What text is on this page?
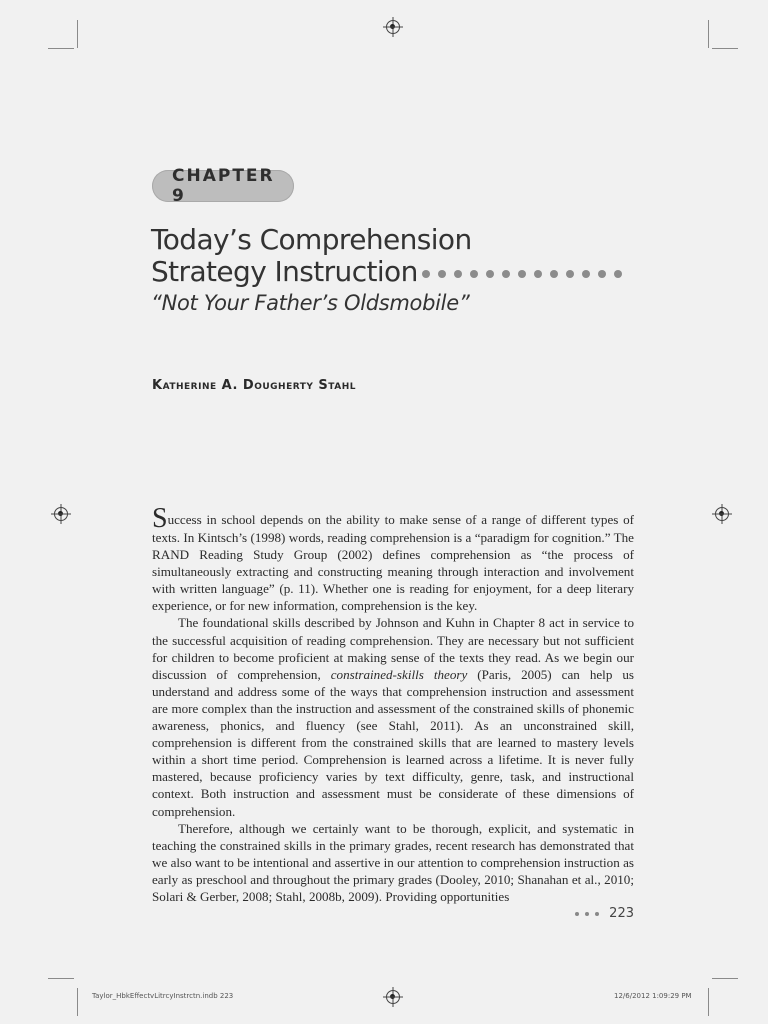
CHAPTER 9
Today’s Comprehension
Strategy Instruction
“Not Your Father’s Oldsmobile”
Katherine A. Dougherty Stahl

Success in school depends on the ability to make sense of a range of different types of texts. In Kintsch’s (1998) words, reading comprehension is a “paradigm for cognition.” The RAND Reading Study Group (2002) defines comprehension as “the process of simultaneously extracting and constructing meaning through interaction and involvement with written language” (p. 11). Whether one is reading for enjoyment, for a deep literary experience, or for new information, comprehension is the key.

The foundational skills described by Johnson and Kuhn in Chapter 8 act in service to the successful acquisition of reading comprehension. They are necessary but not sufficient for children to become proficient at making sense of the texts they read. As we begin our discussion of comprehension, constrained-skills theory (Paris, 2005) can help us understand and address some of the ways that comprehension instruction and assessment are more complex than the instruction and assessment of the constrained skills of phonemic awareness, phonics, and fluency (see Stahl, 2011). As an unconstrained skill, comprehension is different from the constrained skills that are learned to mastery levels within a short time period. Comprehension is learned across a lifetime. It is never fully mastered, because proficiency varies by text difficulty, genre, task, and instructional context. Both instruction and assessment must be considerate of these dimensions of comprehension.

Therefore, although we certainly want to be thorough, explicit, and systematic in teaching the constrained skills in the primary grades, recent research has demonstrated that we also want to be intentional and assertive in our attention to comprehension instruction as early as preschool and throughout the primary grades (Dooley, 2010; Shanahan et al., 2010; Solari & Gerber, 2008; Stahl, 2008b, 2009). Providing opportunities

223
Taylor_HbkEffectvLitrcyInstrctn.indb 223	12/6/2012 1:09:29 PM
